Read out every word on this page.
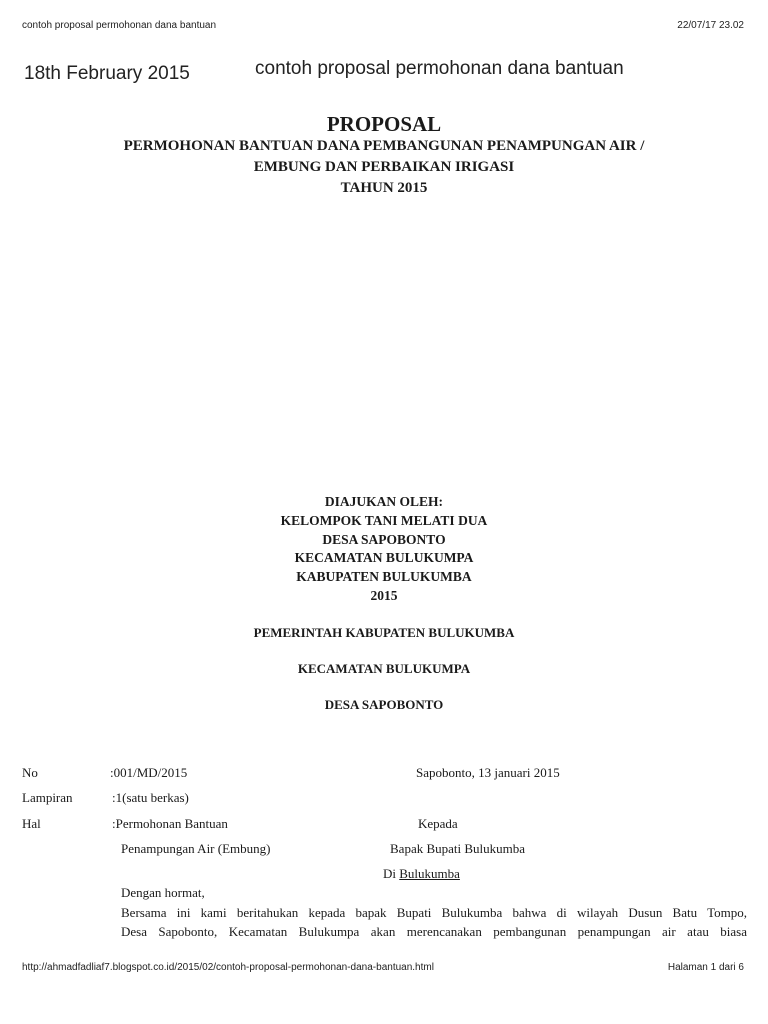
contoh proposal permohonan dana bantuan	22/07/17 23.02
18th February 2015	contoh proposal permohonan dana bantuan
PROPOSAL
PERMOHONAN BANTUAN DANA PEMBANGUNAN PENAMPUNGAN AIR /
EMBUNG DAN PERBAIKAN IRIGASI
TAHUN 2015
DIAJUKAN OLEH:
KELOMPOK TANI MELATI DUA
DESA SAPOBONTO
KECAMATAN BULUKUMPA
KABUPATEN BULUKUMBA
2015
PEMERINTAH KABUPATEN BULUKUMBA
KECAMATAN BULUKUMPA
DESA SAPOBONTO
No	:001/MD/2015	Sapobonto, 13 januari 2015
Lampiran	:1(satu berkas)
Hal	:Permohonan Bantuan	Kepada
Penampungan Air (Embung)	Bapak Bupati Bulukumba
Di Bulukumba
Dengan hormat,
Bersama ini kami beritahukan kepada bapak Bupati Bulukumba bahwa di wilayah Dusun Batu Tompo,
Desa Sapobonto, Kecamatan Bulukumpa akan merencanakan pembangunan penampungan air atau biasa
http://ahmadfadliaf7.blogspot.co.id/2015/02/contoh-proposal-permohonan-dana-bantuan.html	Halaman 1 dari 6
